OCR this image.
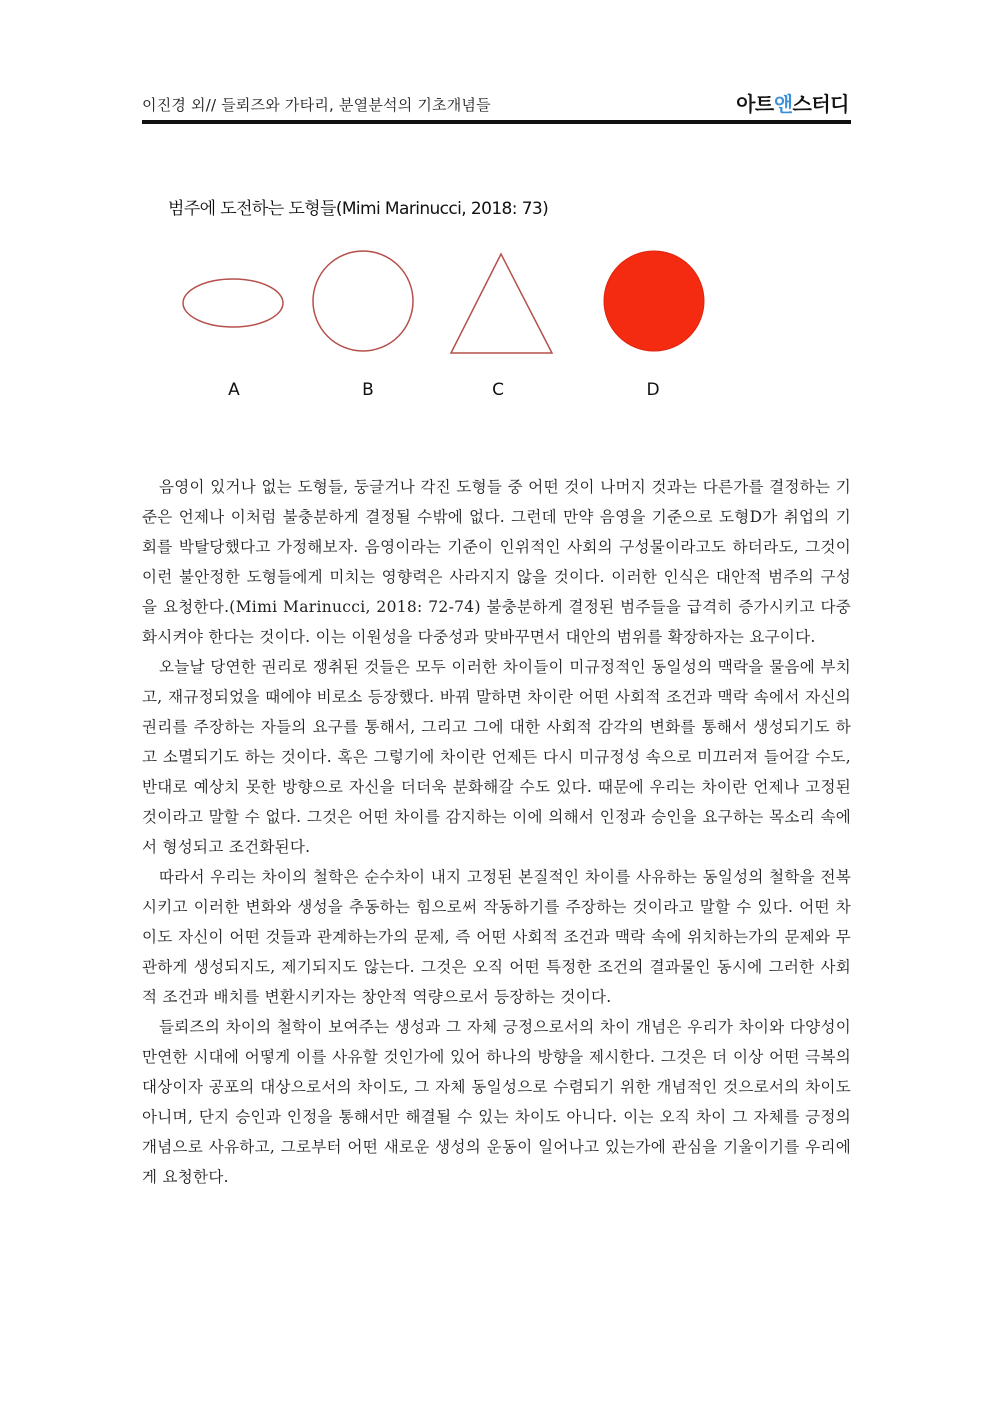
이진경 외// 들뢰즈와 가타리, 분열분석의 기초개념들	아트앤스터디
범주에 도전하는 도형들(Mimi Marinucci, 2018: 73)
A	B	C	D

음영이 있거나 없는 도형들, 둥글거나 각진 도형들 중 어떤 것이 나머지 것과는 다른가를 결정하는 기준은 언제나 이처럼 불충분하게 결정될 수밖에 없다. 그런데 만약 음영을 기준으로 도형D가 취업의 기회를 박탈당했다고 가정해보자. 음영이라는 기준이 인위적인 사회의 구성물이라고도 하더라도, 그것이 이런 불안정한 도형들에게 미치는 영향력은 사라지지 않을 것이다. 이러한 인식은 대안적 범주의 구성을 요청한다.(Mimi Marinucci, 2018: 72-74) 불충분하게 결정된 범주들을 급격히 증가시키고 다중화시켜야 한다는 것이다. 이는 이원성을 다중성과 맞바꾸면서 대안의 범위를 확장하자는 요구이다.

오늘날 당연한 권리로 쟁취된 것들은 모두 이러한 차이들이 미규정적인 동일성의 맥락을 물음에 부치고, 재규정되었을 때에야 비로소 등장했다. 바꿔 말하면 차이란 어떤 사회적 조건과 맥락 속에서 자신의 권리를 주장하는 자들의 요구를 통해서, 그리고 그에 대한 사회적 감각의 변화를 통해서 생성되기도 하고 소멸되기도 하는 것이다. 혹은 그렇기에 차이란 언제든 다시 미규정성 속으로 미끄러져 들어갈 수도, 반대로 예상치 못한 방향으로 자신을 더더욱 분화해갈 수도 있다. 때문에 우리는 차이란 언제나 고정된 것이라고 말할 수 없다. 그것은 어떤 차이를 감지하는 이에 의해서 인정과 승인을 요구하는 목소리 속에서 형성되고 조건화된다.

따라서 우리는 차이의 철학은 순수차이 내지 고정된 본질적인 차이를 사유하는 동일성의 철학을 전복시키고 이러한 변화와 생성을 추동하는 힘으로써 작동하기를 주장하는 것이라고 말할 수 있다. 어떤 차이도 자신이 어떤 것들과 관계하는가의 문제, 즉 어떤 사회적 조건과 맥락 속에 위치하는가의 문제와 무관하게 생성되지도, 제기되지도 않는다. 그것은 오직 어떤 특정한 조건의 결과물인 동시에 그러한 사회적 조건과 배치를 변환시키자는 창안적 역량으로서 등장하는 것이다.

들뢰즈의 차이의 철학이 보여주는 생성과 그 자체 긍정으로서의 차이 개념은 우리가 차이와 다양성이 만연한 시대에 어떻게 이를 사유할 것인가에 있어 하나의 방향을 제시한다. 그것은 더 이상 어떤 극복의 대상이자 공포의 대상으로서의 차이도, 그 자체 동일성으로 수렴되기 위한 개념적인 것으로서의 차이도 아니며, 단지 승인과 인정을 통해서만 해결될 수 있는 차이도 아니다. 이는 오직 차이 그 자체를 긍정의 개념으로 사유하고, 그로부터 어떤 새로운 생성의 운동이 일어나고 있는가에 관심을 기울이기를 우리에게 요청한다.
